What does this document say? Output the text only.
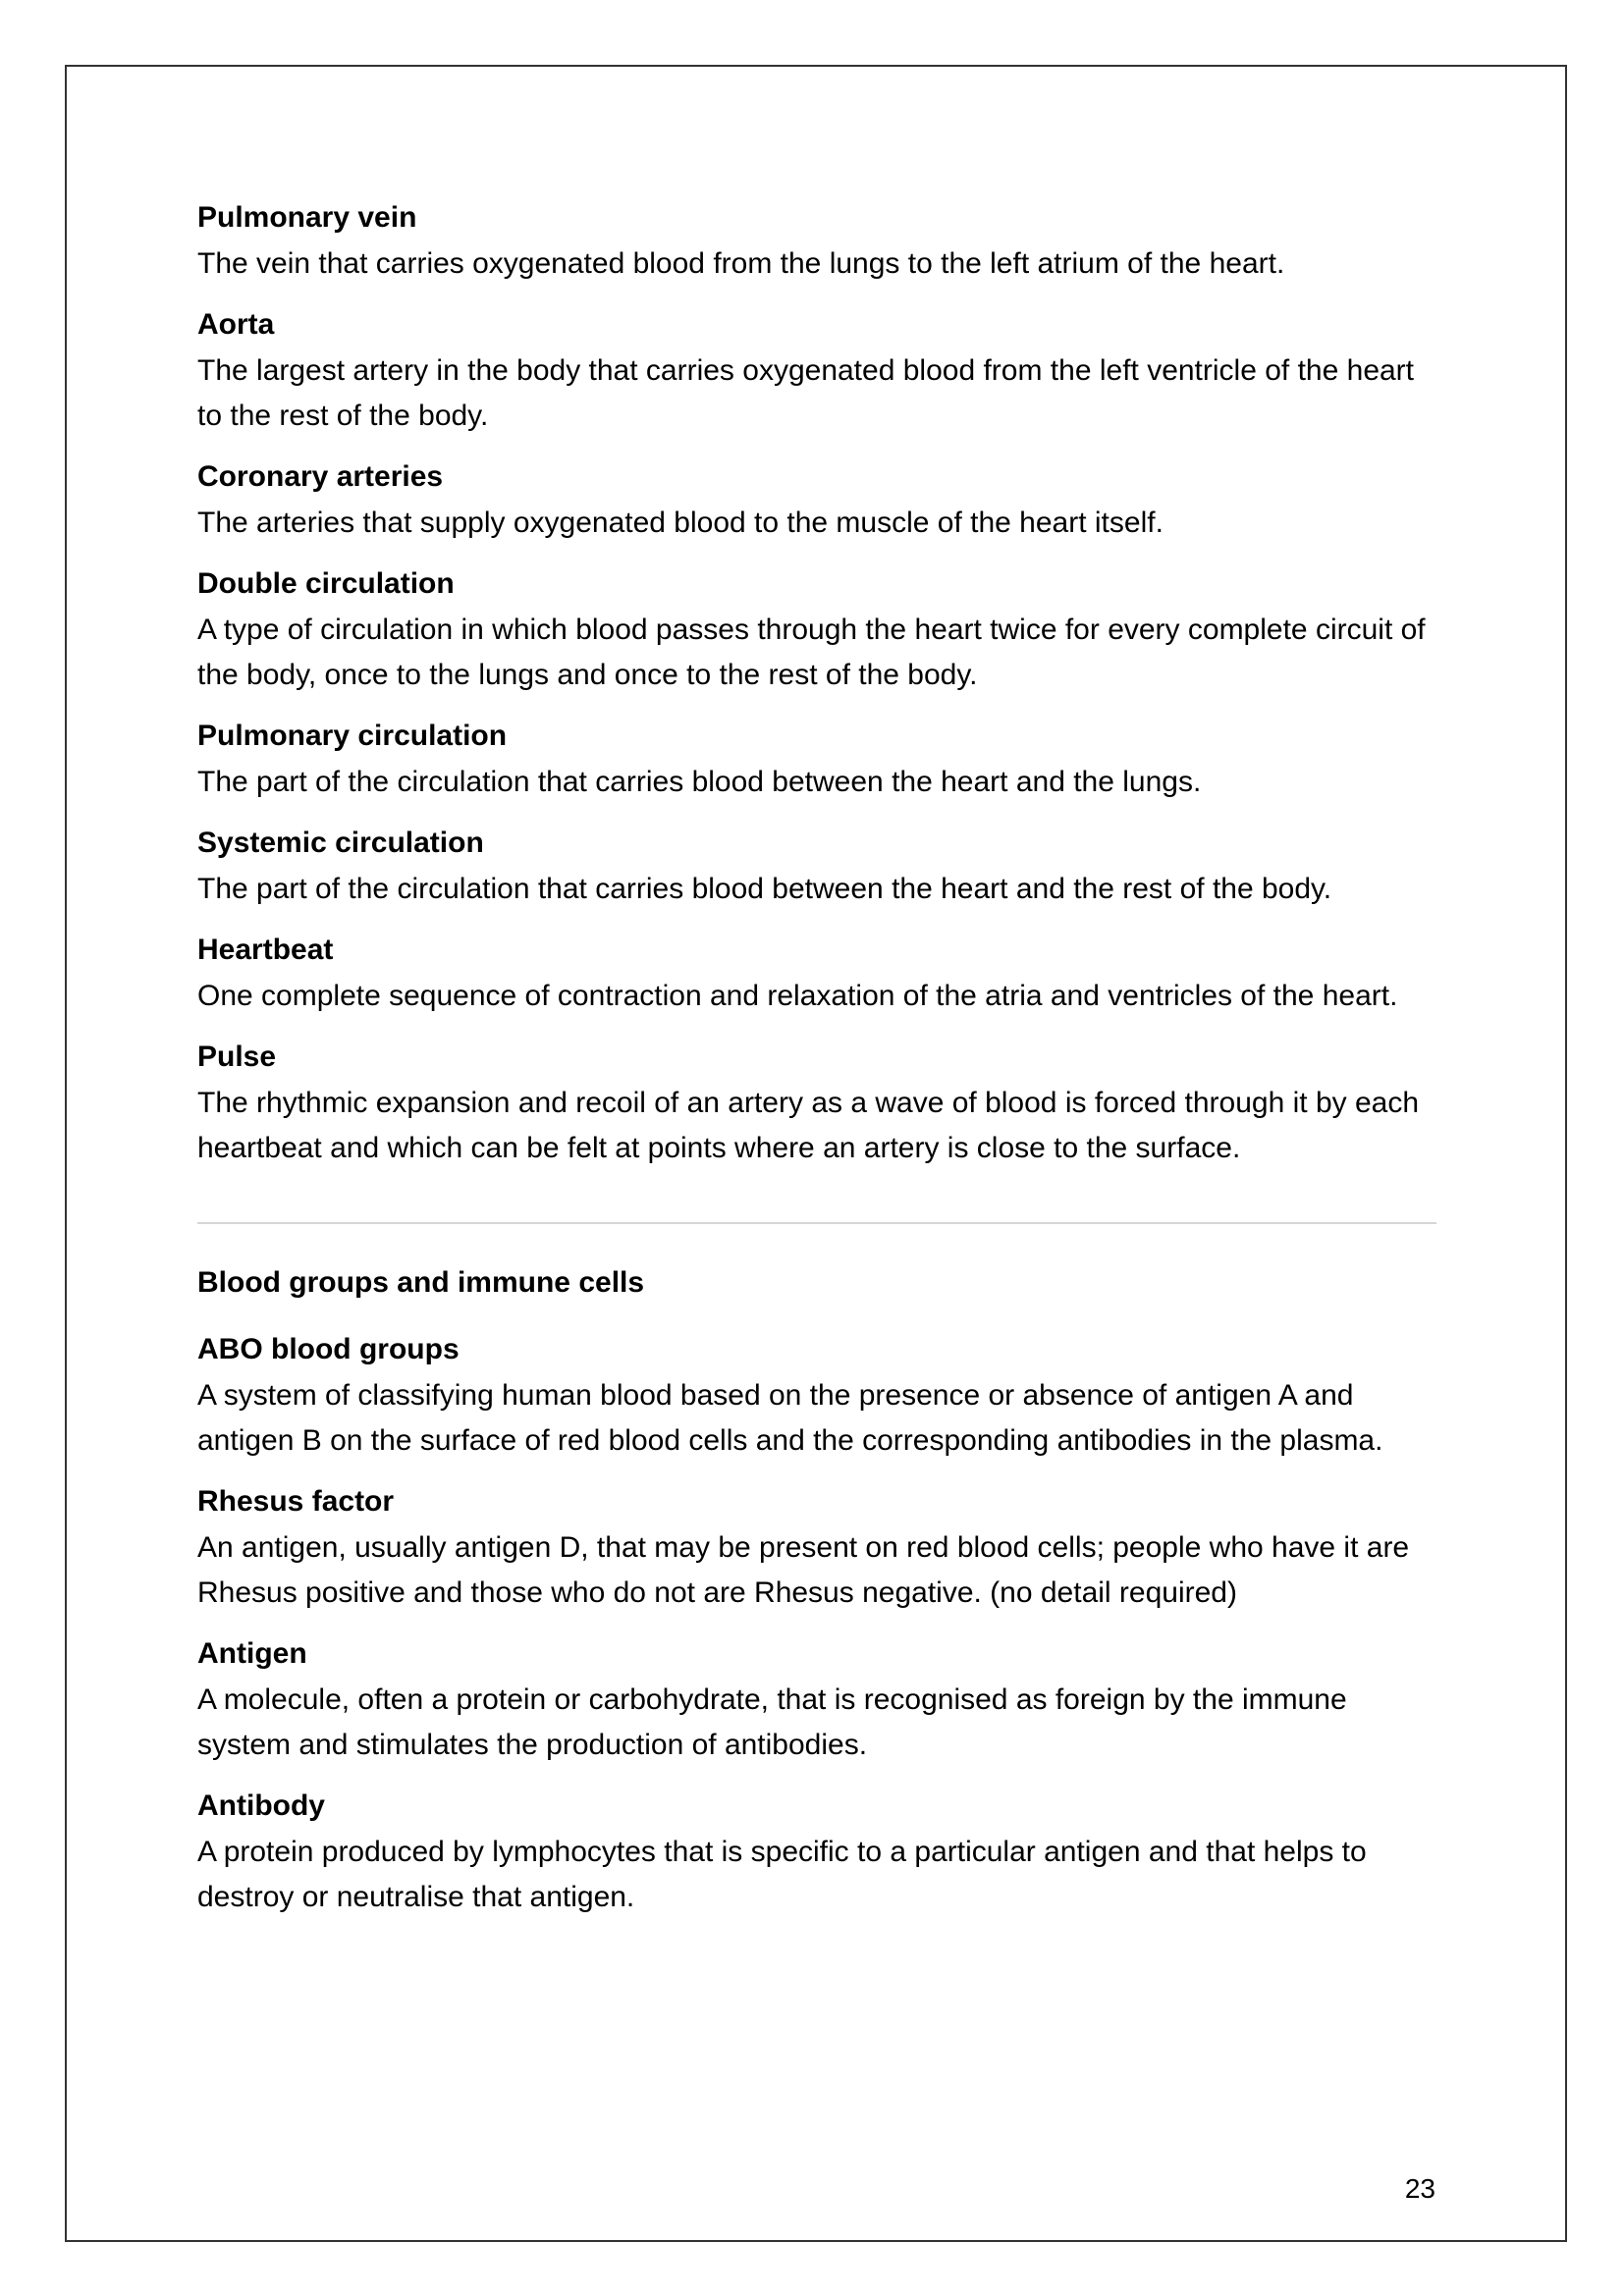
Pulmonary vein

The vein that carries oxygenated blood from the lungs to the left atrium of the heart.

Aorta

The largest artery in the body that carries oxygenated blood from the left ventricle of the heart to the rest of the body.

Coronary arteries

The arteries that supply oxygenated blood to the muscle of the heart itself.

Double circulation

A type of circulation in which blood passes through the heart twice for every complete circuit of the body, once to the lungs and once to the rest of the body.

Pulmonary circulation

The part of the circulation that carries blood between the heart and the lungs.

Systemic circulation

The part of the circulation that carries blood between the heart and the rest of the body.

Heartbeat

One complete sequence of contraction and relaxation of the atria and ventricles of the heart.

Pulse

The rhythmic expansion and recoil of an artery as a wave of blood is forced through it by each heartbeat and which can be felt at points where an artery is close to the surface.

Blood groups and immune cells

ABO blood groups

A system of classifying human blood based on the presence or absence of antigen A and antigen B on the surface of red blood cells and the corresponding antibodies in the plasma.

Rhesus factor

An antigen, usually antigen D, that may be present on red blood cells; people who have it are Rhesus positive and those who do not are Rhesus negative. (no detail required)

Antigen

A molecule, often a protein or carbohydrate, that is recognised as foreign by the immune system and stimulates the production of antibodies.

Antibody

A protein produced by lymphocytes that is specific to a particular antigen and that helps to destroy or neutralise that antigen.

23
